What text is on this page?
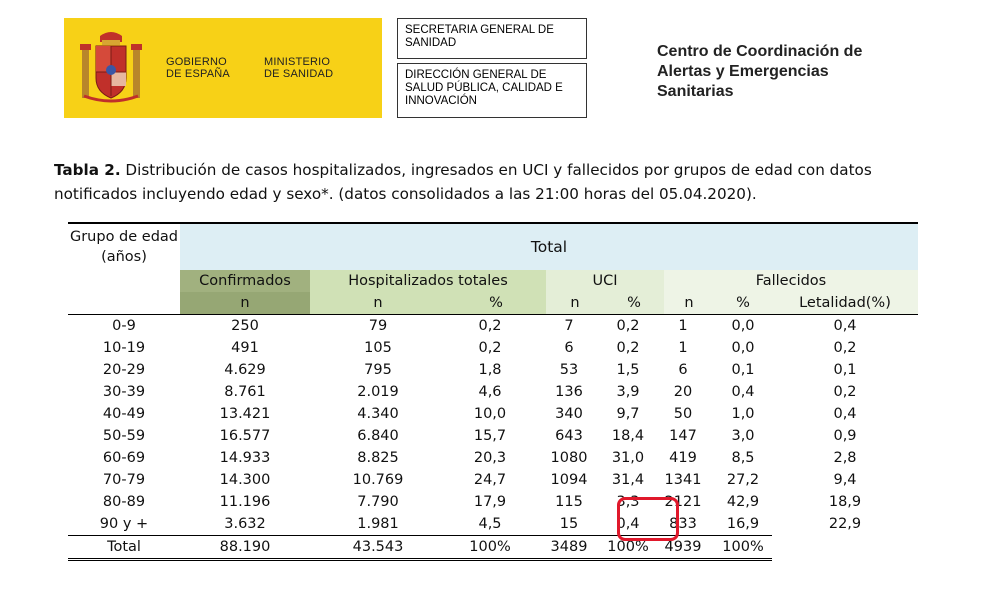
GOBIERNO
DE ESPAÑA
MINISTERIO
DE SANIDAD
SECRETARIA GENERAL DE SANIDAD
DIRECCIÓN GENERAL DE SALUD PÚBLICA, CALIDAD E INNOVACIÓN
Centro de Coordinación de
Alertas y Emergencias
Sanitarias
Tabla 2. Distribución de casos hospitalizados, ingresados en UCI y fallecidos por grupos de edad con datos notificados incluyendo edad y sexo*. (datos consolidados a las 21:00 horas del 05.04.2020).
Grupo de edad (años)	Total							
	Confirmados	Hospitalizados totales		UCI		Fallecidos		
	n	n	%	n	%	n	%	Letalidad(%)
0-9	250	79	0,2	7	0,2	1	0,0	0,4
10-19	491	105	0,2	6	0,2	1	0,0	0,2
20-29	4.629	795	1,8	53	1,5	6	0,1	0,1
30-39	8.761	2.019	4,6	136	3,9	20	0,4	0,2
40-49	13.421	4.340	10,0	340	9,7	50	1,0	0,4
50-59	16.577	6.840	15,7	643	18,4	147	3,0	0,9
60-69	14.933	8.825	20,3	1080	31,0	419	8,5	2,8
70-79	14.300	10.769	24,7	1094	31,4	1341	27,2	9,4
80-89	11.196	7.790	17,9	115	3,3	2121	42,9	18,9
90 y +	3.632	1.981	4,5	15	0,4	833	16,9	22,9
Total	88.190	43.543	100%	3489	100%	4939	100%	
